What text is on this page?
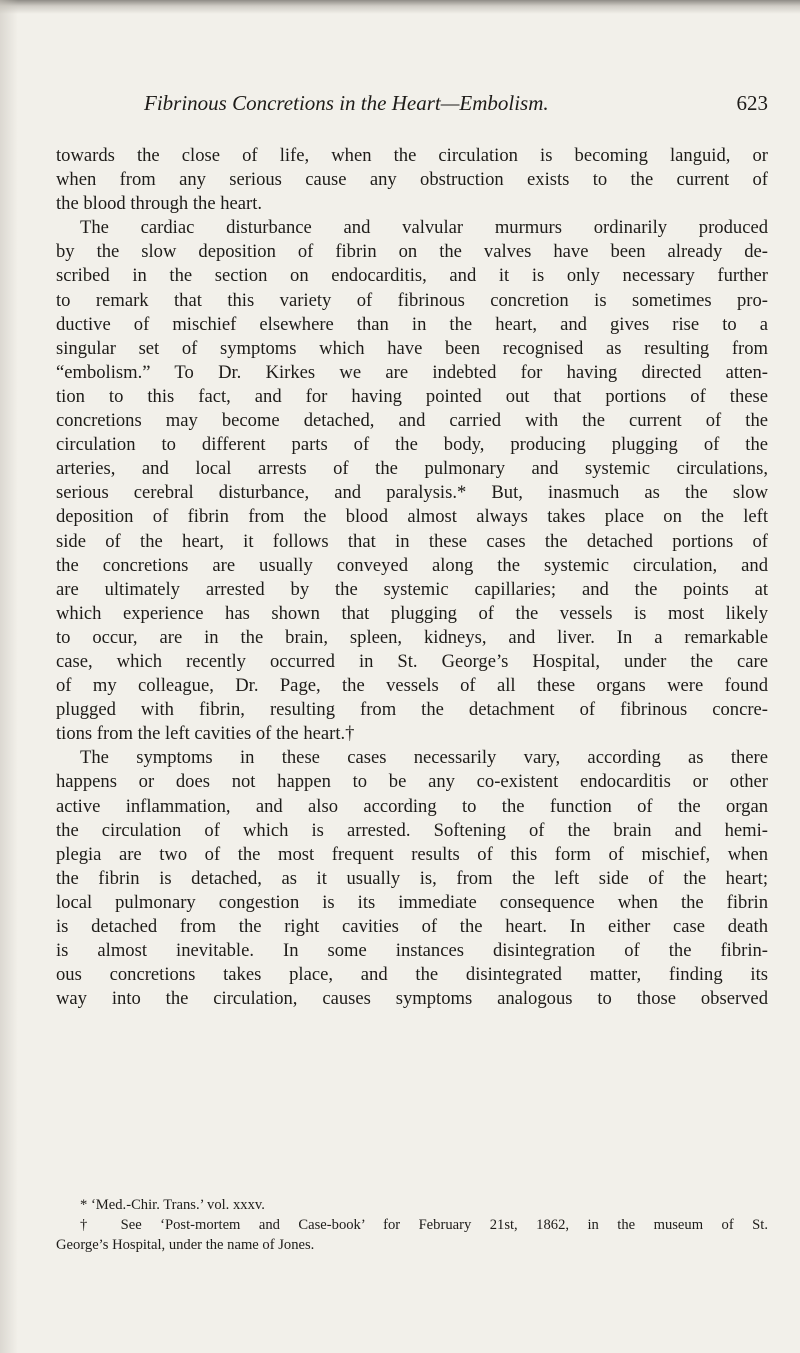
Fibrinous Concretions in the Heart—Embolism.	623
towards the close of life, when the circulation is becoming languid, or
when from any serious cause any obstruction exists to the current of
the blood through the heart.
The cardiac disturbance and valvular murmurs ordinarily produced
by the slow deposition of fibrin on the valves have been already de-
scribed in the section on endocarditis, and it is only necessary further
to remark that this variety of fibrinous concretion is sometimes pro-
ductive of mischief elsewhere than in the heart, and gives rise to a
singular set of symptoms which have been recognised as resulting from
“embolism.” To Dr. Kirkes we are indebted for having directed atten-
tion to this fact, and for having pointed out that portions of these
concretions may become detached, and carried with the current of the
circulation to different parts of the body, producing plugging of the
arteries, and local arrests of the pulmonary and systemic circulations,
serious cerebral disturbance, and paralysis.* But, inasmuch as the slow
deposition of fibrin from the blood almost always takes place on the left
side of the heart, it follows that in these cases the detached portions of
the concretions are usually conveyed along the systemic circulation, and
are ultimately arrested by the systemic capillaries; and the points at
which experience has shown that plugging of the vessels is most likely
to occur, are in the brain, spleen, kidneys, and liver. In a remarkable
case, which recently occurred in St. George’s Hospital, under the care
of my colleague, Dr. Page, the vessels of all these organs were found
plugged with fibrin, resulting from the detachment of fibrinous concre-
tions from the left cavities of the heart.†
The symptoms in these cases necessarily vary, according as there
happens or does not happen to be any co-existent endocarditis or other
active inflammation, and also according to the function of the organ
the circulation of which is arrested. Softening of the brain and hemi-
plegia are two of the most frequent results of this form of mischief, when
the fibrin is detached, as it usually is, from the left side of the heart;
local pulmonary congestion is its immediate consequence when the fibrin
is detached from the right cavities of the heart. In either case death
is almost inevitable. In some instances disintegration of the fibrin-
ous concretions takes place, and the disintegrated matter, finding its
way into the circulation, causes symptoms analogous to those observed
* ‘Med.-Chir. Trans.’ vol. xxxv.
† See ‘Post-mortem and Case-book’ for February 21st, 1862, in the museum of St.
George’s Hospital, under the name of Jones.
